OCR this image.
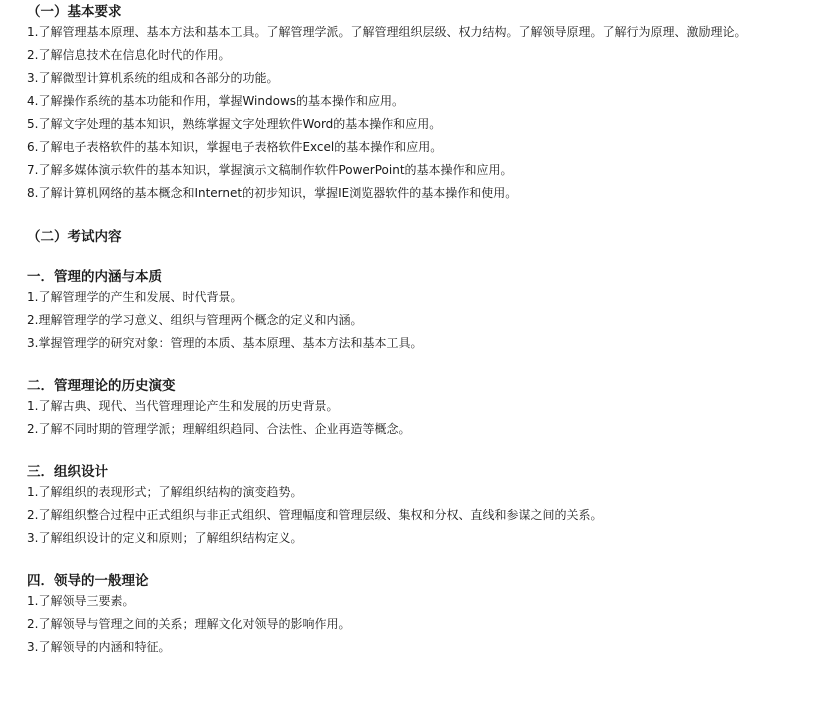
（一）基本要求
1.了解管理基本原理、基本方法和基本工具。了解管理学派。了解管理组织层级、权力结构。了解领导原理。了解行为原理、激励理论。
2.了解信息技术在信息化时代的作用。
3.了解微型计算机系统的组成和各部分的功能。
4.了解操作系统的基本功能和作用，掌握Windows的基本操作和应用。
5.了解文字处理的基本知识，熟练掌握文字处理软件Word的基本操作和应用。
6.了解电子表格软件的基本知识，掌握电子表格软件Excel的基本操作和应用。
7.了解多媒体演示软件的基本知识，掌握演示文稿制作软件PowerPoint的基本操作和应用。
8.了解计算机网络的基本概念和Internet的初步知识，掌握IE浏览器软件的基本操作和使用。
（二）考试内容
一．管理的内涵与本质
1.了解管理学的产生和发展、时代背景。
2.理解管理学的学习意义、组织与管理两个概念的定义和内涵。
3.掌握管理学的研究对象：管理的本质、基本原理、基本方法和基本工具。
二．管理理论的历史演变
1.了解古典、现代、当代管理理论产生和发展的历史背景。
2.了解不同时期的管理学派；理解组织趋同、合法性、企业再造等概念。
三．组织设计
1.了解组织的表现形式；了解组织结构的演变趋势。
2.了解组织整合过程中正式组织与非正式组织、管理幅度和管理层级、集权和分权、直线和参谋之间的关系。
3.了解组织设计的定义和原则；了解组织结构定义。
四．领导的一般理论
1.了解领导三要素。
2.了解领导与管理之间的关系；理解文化对领导的影响作用。
3.了解领导的内涵和特征。
